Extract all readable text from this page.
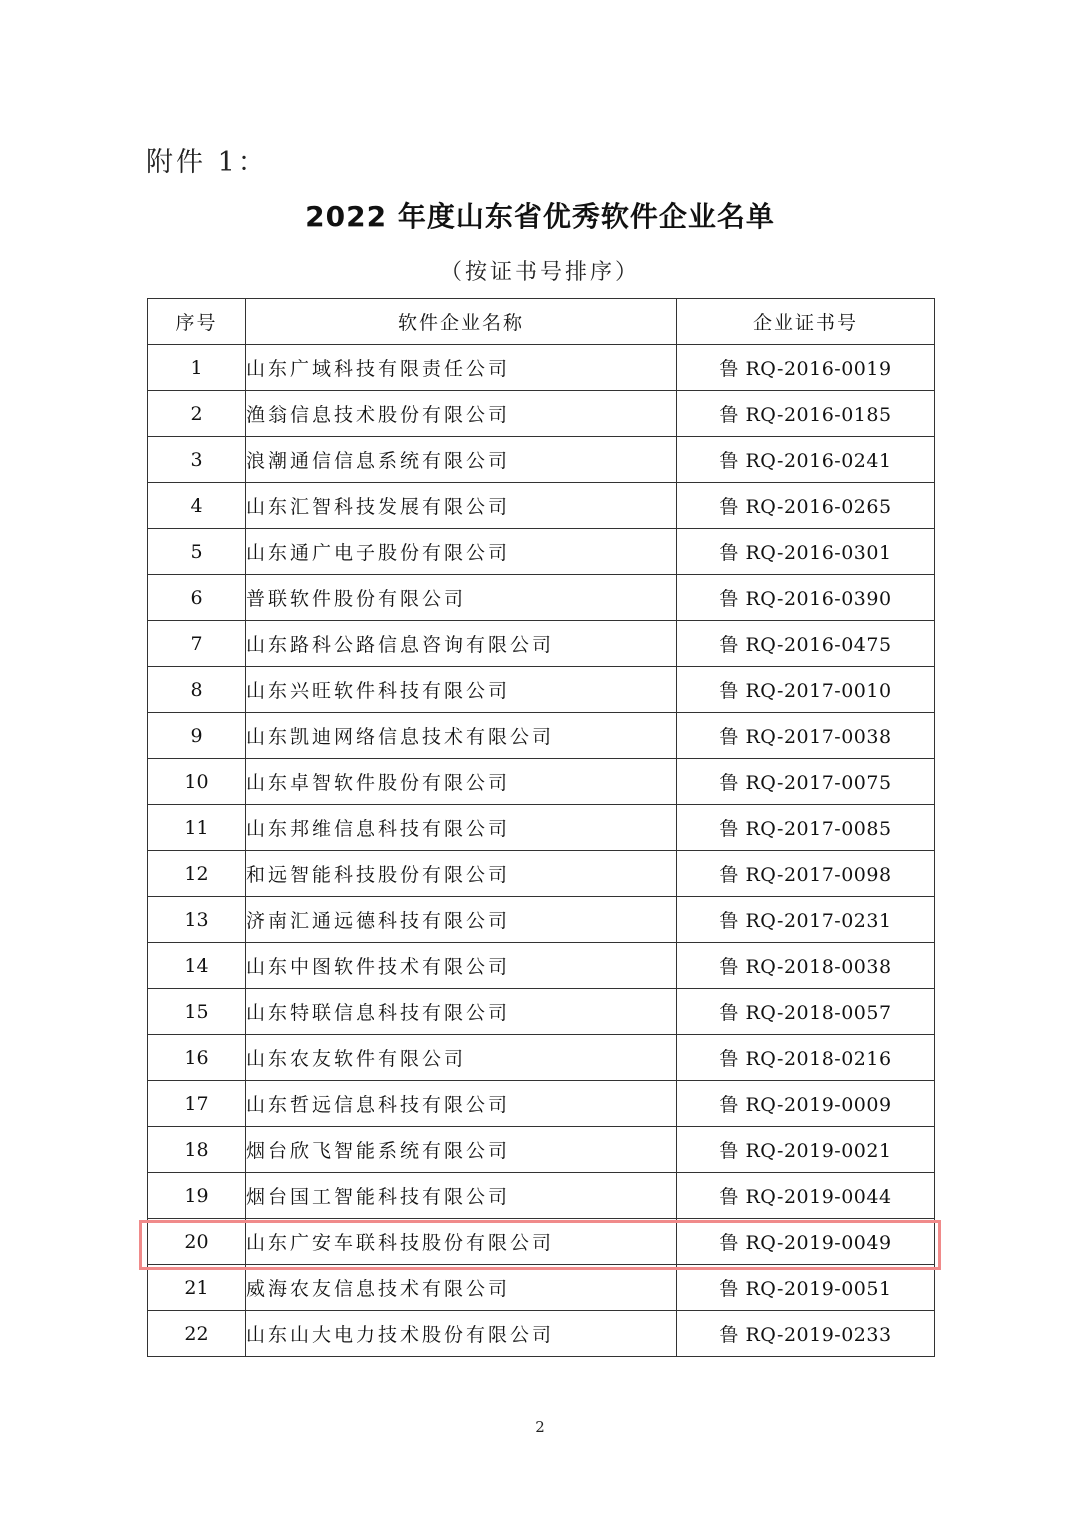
附件 1：
2022 年度山东省优秀软件企业名单
（按证书号排序）
序号	软件企业名称	企业证书号
1	山东广域科技有限责任公司	鲁 RQ-2016-0019
2	渔翁信息技术股份有限公司	鲁 RQ-2016-0185
3	浪潮通信信息系统有限公司	鲁 RQ-2016-0241
4	山东汇智科技发展有限公司	鲁 RQ-2016-0265
5	山东通广电子股份有限公司	鲁 RQ-2016-0301
6	普联软件股份有限公司	鲁 RQ-2016-0390
7	山东路科公路信息咨询有限公司	鲁 RQ-2016-0475
8	山东兴旺软件科技有限公司	鲁 RQ-2017-0010
9	山东凯迪网络信息技术有限公司	鲁 RQ-2017-0038
10	山东卓智软件股份有限公司	鲁 RQ-2017-0075
11	山东邦维信息科技有限公司	鲁 RQ-2017-0085
12	和远智能科技股份有限公司	鲁 RQ-2017-0098
13	济南汇通远德科技有限公司	鲁 RQ-2017-0231
14	山东中图软件技术有限公司	鲁 RQ-2018-0038
15	山东特联信息科技有限公司	鲁 RQ-2018-0057
16	山东农友软件有限公司	鲁 RQ-2018-0216
17	山东哲远信息科技有限公司	鲁 RQ-2019-0009
18	烟台欣飞智能系统有限公司	鲁 RQ-2019-0021
19	烟台国工智能科技有限公司	鲁 RQ-2019-0044
20	山东广安车联科技股份有限公司	鲁 RQ-2019-0049
21	威海农友信息技术有限公司	鲁 RQ-2019-0051
22	山东山大电力技术股份有限公司	鲁 RQ-2019-0233
2
